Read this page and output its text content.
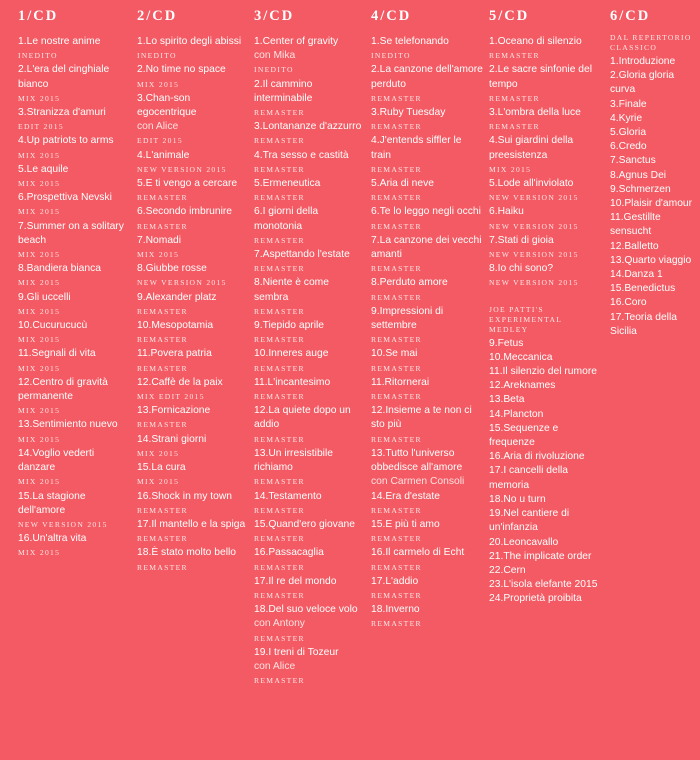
1/CD
1.Le nostre anime
INEDITO
2.L'era del cinghiale bianco
MIX 2015
3.Stranizza d'amuri
EDIT 2015
4.Up patriots to arms
MIX 2015
5.Le aquile
MIX 2015
6.Prospettiva Nevski
MIX 2015
7.Summer on a solitary beach
MIX 2015
8.Bandiera bianca
MIX 2015
9.Gli uccelli
MIX 2015
10.Cucurucucù
MIX 2015
11.Segnali di vita
MIX 2015
12.Centro di gravità permanente
MIX 2015
13.Sentimiento nuevo
MIX 2015
14.Voglio vederti danzare
MIX 2015
15.La stagione dell'amore
NEW VERSION 2015
16.Un'altra vita
MIX 2015
2/CD
1.Lo spirito degli abissi
INEDITO
2.No time no space
MIX 2015
3.Chan-son egocentrique
con Alice
EDIT 2015
4.L'animale
NEW VERSION 2015
5.E ti vengo a cercare
REMASTER
6.Secondo imbrunire
REMASTER
7.Nomadi
MIX 2015
8.Giubbe rosse
NEW VERSION 2015
9.Alexander platz
REMASTER
10.Mesopotamia
REMASTER
11.Povera patria
REMASTER
12.Caffè de la paix
MIX EDIT 2015
13.Fornicazione
REMASTER
14.Strani giorni
MIX 2015
15.La cura
MIX 2015
16.Shock in my town
REMASTER
17.Il mantello e la spiga
REMASTER
18.È stato molto bello
REMASTER
3/CD
1.Center of gravity
con Mika
INEDITO
2.Il cammino interminabile
REMASTER
3.Lontananze d'azzurro
REMASTER
4.Tra sesso e castità
REMASTER
5.Ermeneutica
REMASTER
6.I giorni della monotonia
REMASTER
7.Aspettando l'estate
REMASTER
8.Niente è come sembra
REMASTER
9.Tiepido aprile
REMASTER
10.Inneres auge
REMASTER
11.L'incantesimo
REMASTER
12.La quiete dopo un addio
REMASTER
13.Un irresistibile richiamo
REMASTER
14.Testamento
REMASTER
15.Quand'ero giovane
REMASTER
16.Passacaglia
REMASTER
17.Il re del mondo
REMASTER
18.Del suo veloce volo
con Antony
REMASTER
19.I treni di Tozeur
con Alice
REMASTER
4/CD
1.Se telefonando
INEDITO
2.La canzone dell'amore perduto
REMASTER
3.Ruby Tuesday
REMASTER
4.J'entends siffler le train
REMASTER
5.Aria di neve
REMASTER
6.Te lo leggo negli occhi
REMASTER
7.La canzone dei vecchi amanti
REMASTER
8.Perduto amore
REMASTER
9.Impressioni di settembre
REMASTER
10.Se mai
REMASTER
11.Ritornerai
REMASTER
12.Insieme a te non ci sto più
REMASTER
13.Tutto l'universo obbedisce all'amore
con Carmen Consoli
14.Era d'estate
REMASTER
15.E più ti amo
REMASTER
16.Il carmelo di Echt
REMASTER
17.L'addio
REMASTER
18.Inverno
REMASTER
5/CD
1.Oceano di silenzio
REMASTER
2.Le sacre sinfonie del tempo
REMASTER
3.L'ombra della luce
REMASTER
4.Sui giardini della preesistenza
MIX 2015
5.Lode all'inviolato
NEW VERSION 2015
6.Haiku
NEW VERSION 2015
7.Stati di gioia
NEW VERSION 2015
8.Io chi sono?
NEW VERSION 2015
JOE PATTI'S EXPERIMENTAL MEDLEY
9.Fetus
10.Meccanica
11.Il silenzio del rumore
12.Areknames
13.Beta
14.Plancton
15.Sequenze e frequenze
16.Aria di rivoluzione
17.I cancelli della memoria
18.No u turn
19.Nel cantiere di un'infanzia
20.Leoncavallo
21.The implicate order
22.Cern
23.L'isola elefante 2015
24.Proprietà proibita
6/CD
DAL REPERTORIO CLASSICO
1.Introduzione
2.Gloria gloria curva
3.Finale
4.Kyrie
5.Gloria
6.Credo
7.Sanctus
8.Agnus Dei
9.Schmerzen
10.Plaisir d'amour
11.Gestillte sensucht
12.Balletto
13.Quarto viaggio
14.Danza 1
15.Benedictus
16.Coro
17.Teoria della Sicilia
